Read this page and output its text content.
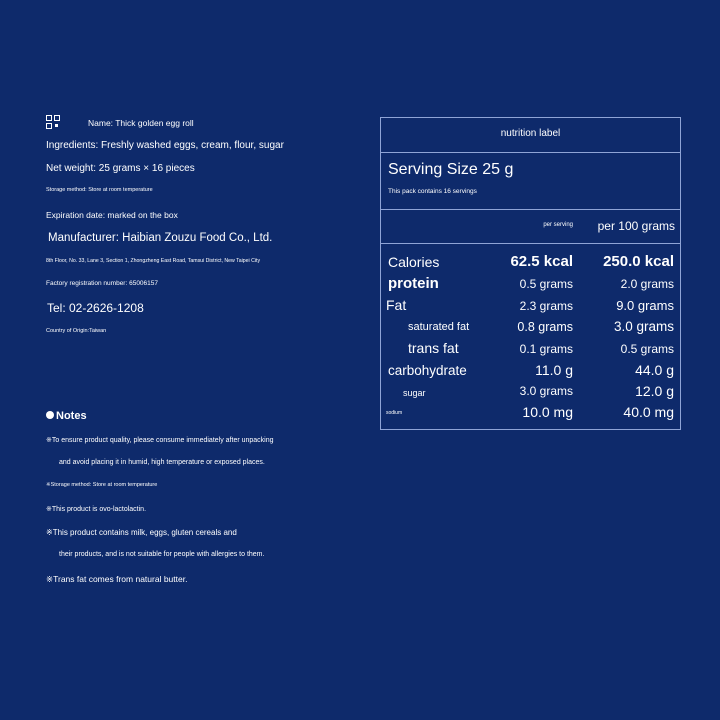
Name: Thick golden egg roll
Ingredients: Freshly washed eggs, cream, flour, sugar
Net weight: 25 grams × 16 pieces
Storage method: Store at room temperature
Expiration date: marked on the box
Manufacturer: Haibian Zouzu Food Co., Ltd.
8th Floor, No. 33, Lane 3, Section 1, Zhongzheng East Road, Tamsui District, New Taipei City
Factory registration number: 65006157
Tel: 02-2626-1208
Country of Origin:Taiwan
Notes
※To ensure product quality, please consume immediately after unpacking
and avoid placing it in humid, high temperature or exposed places.
※Storage method: Store at room temperature
※This product is ovo-lactolactin.
※This product contains milk, eggs, gluten cereals and
their products, and is not suitable for people with allergies to them.
※Trans fat comes from natural butter.
nutrition label
Serving Size 25 g
This pack contains 16 servings
per serving	per 100 grams
Calories	62.5 kcal	250.0 kcal
protein	0.5 grams	2.0 grams
Fat	2.3 grams	9.0 grams
saturated fat	0.8 grams	3.0 grams
trans fat	0.1 grams	0.5 grams
carbohydrate	11.0 g	44.0 g
sugar	3.0 grams	12.0 g
sodium	10.0 mg	40.0 mg
